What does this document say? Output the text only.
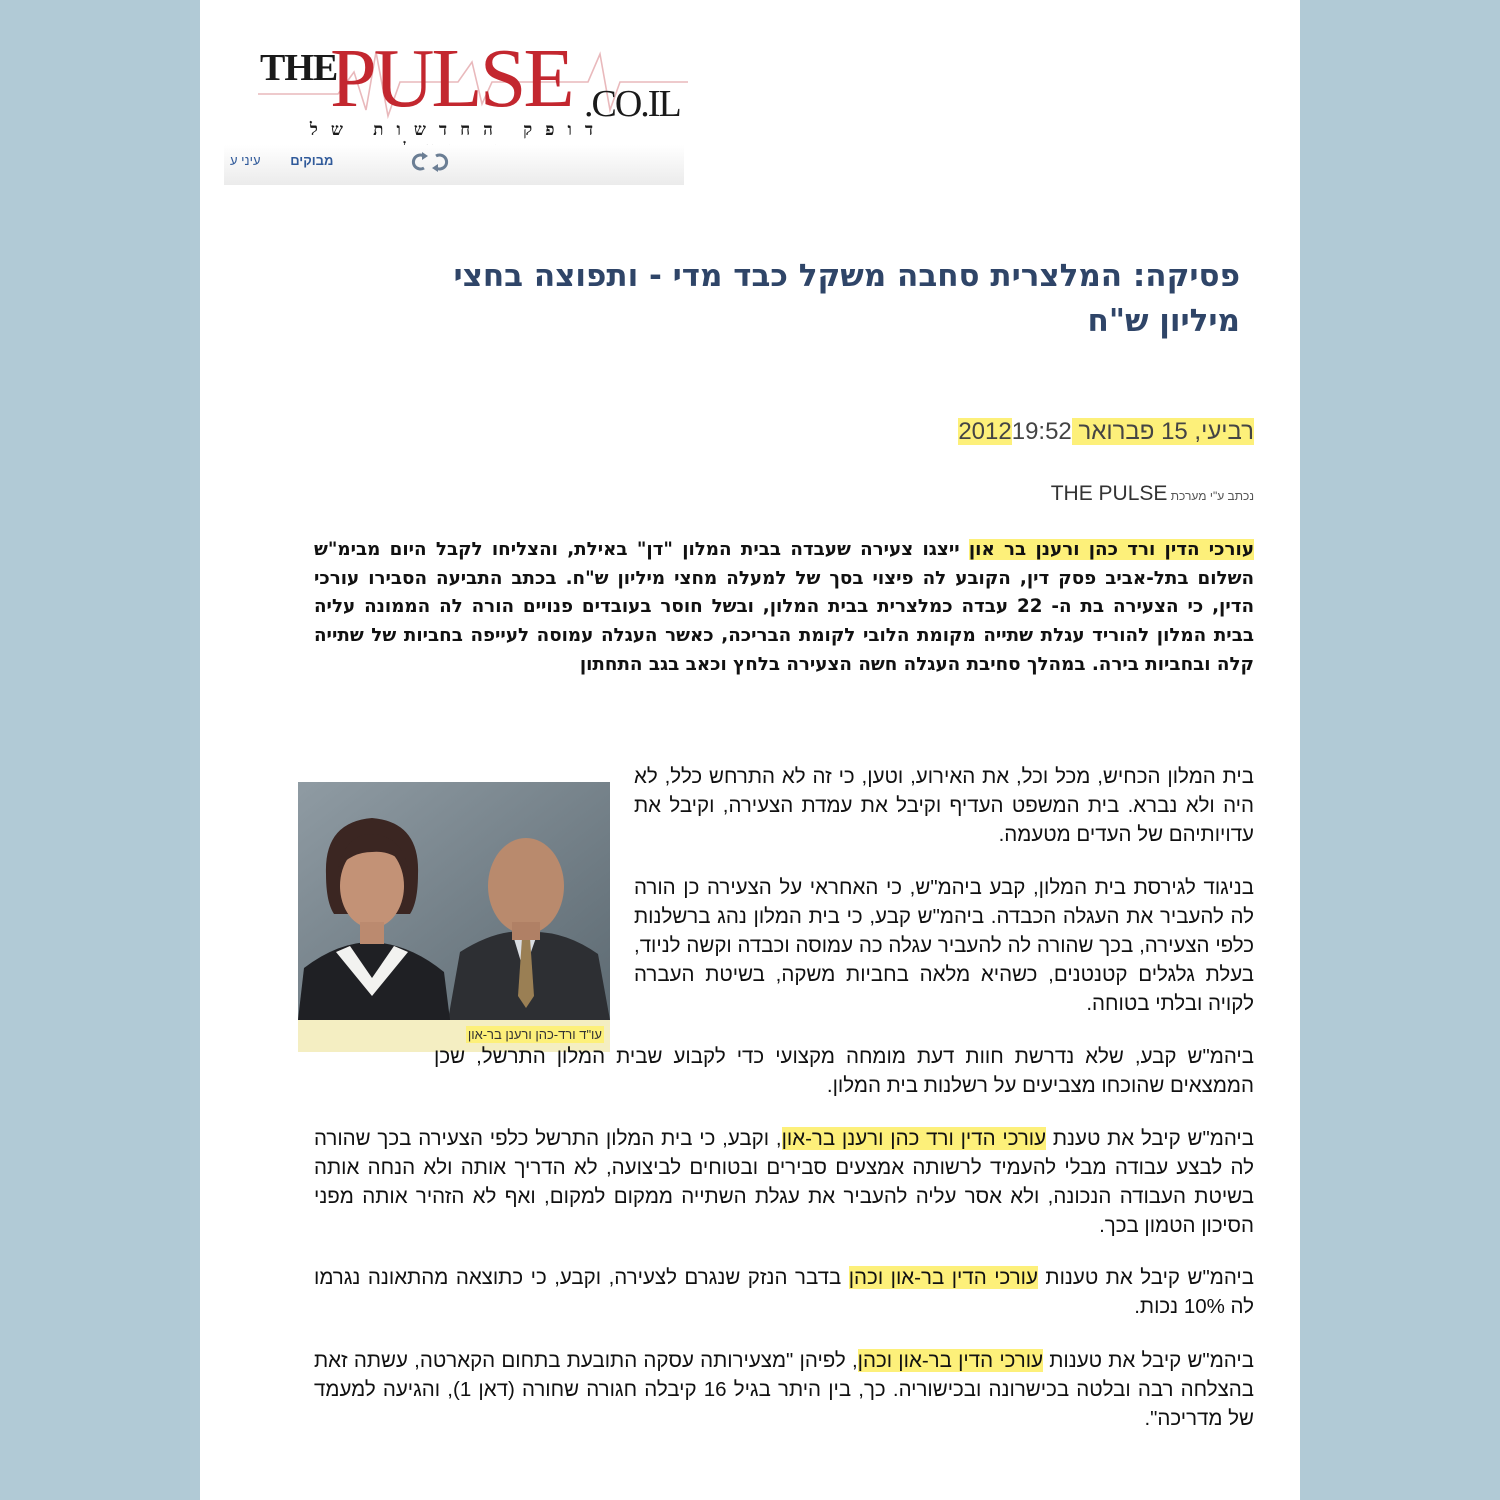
THE
PULSE .CO.IL
דופק החדשות של
מבוקים עיני ע
פסיקה: המלצרית סחבה משקל כבד מדי - ותפוצה בחצי מיליון ש"ח
רביעי, 15 פברואר 201219:52
נכתב ע"י מערכת THE PULSE

עורכי הדין ורד כהן ורענן בר און ייצגו צעירה שעבדה בבית המלון "דן" באילת, והצליחו לקבל היום מבימ"ש השלום בתל-אביב פסק דין, הקובע לה פיצוי בסך של למעלה מחצי מיליון ש"ח. בכתב התביעה הסבירו עורכי הדין, כי הצעירה בת ה- 22 עבדה כמלצרית בבית המלון, ובשל חוסר בעובדים פנויים הורה לה הממונה עליה בבית המלון להוריד עגלת שתייה מקומת הלובי לקומת הבריכה, כאשר העגלה עמוסה לעייפה בחביות של שתייה קלה ובחביות בירה. במהלך סחיבת העגלה חשה הצעירה בלחץ וכאב בגב התחתון

עו"ד ורד-כהן ורענן בר-און

בית המלון הכחיש, מכל וכל, את האירוע, וטען, כי זה לא התרחש כלל, לא היה ולא נברא. בית המשפט העדיף וקיבל את עמדת הצעירה, וקיבל את עדויותיהם של העדים מטעמה.

בניגוד לגירסת בית המלון, קבע ביהמ"ש, כי האחראי על הצעירה כן הורה לה להעביר את העגלה הכבדה. ביהמ"ש קבע, כי בית המלון נהג ברשלנות כלפי הצעירה, בכך שהורה לה להעביר עגלה כה עמוסה וכבדה וקשה לניוד, בעלת גלגלים קטנטנים, כשהיא מלאה בחביות משקה, בשיטת העברה לקויה ובלתי בטוחה.

ביהמ"ש קבע, שלא נדרשת חוות דעת מומחה מקצועי כדי לקבוע שבית המלון התרשל, שכן הממצאים שהוכחו מצביעים על רשלנות בית המלון.

ביהמ"ש קיבל את טענת עורכי הדין ורד כהן ורענן בר-און, וקבע, כי בית המלון התרשל כלפי הצעירה בכך שהורה לה לבצע עבודה מבלי להעמיד לרשותה אמצעים סבירים ובטוחים לביצועה, לא הדריך אותה ולא הנחה אותה בשיטת העבודה הנכונה, ולא אסר עליה להעביר את עגלת השתייה ממקום למקום, ואף לא הזהיר אותה מפני הסיכון הטמון בכך.

ביהמ"ש קיבל את טענות עורכי הדין בר-און וכהן בדבר הנזק שנגרם לצעירה, וקבע, כי כתוצאה מהתאונה נגרמו לה 10% נכות.

ביהמ"ש קיבל את טענות עורכי הדין בר-און וכהן, לפיהן "מצעירותה עסקה התובעת בתחום הקארטה, עשתה זאת בהצלחה רבה ובלטה בכישרונה ובכישוריה. כך, בין היתר בגיל 16 קיבלה חגורה שחורה (דאן 1), והגיעה למעמד של מדריכה".
